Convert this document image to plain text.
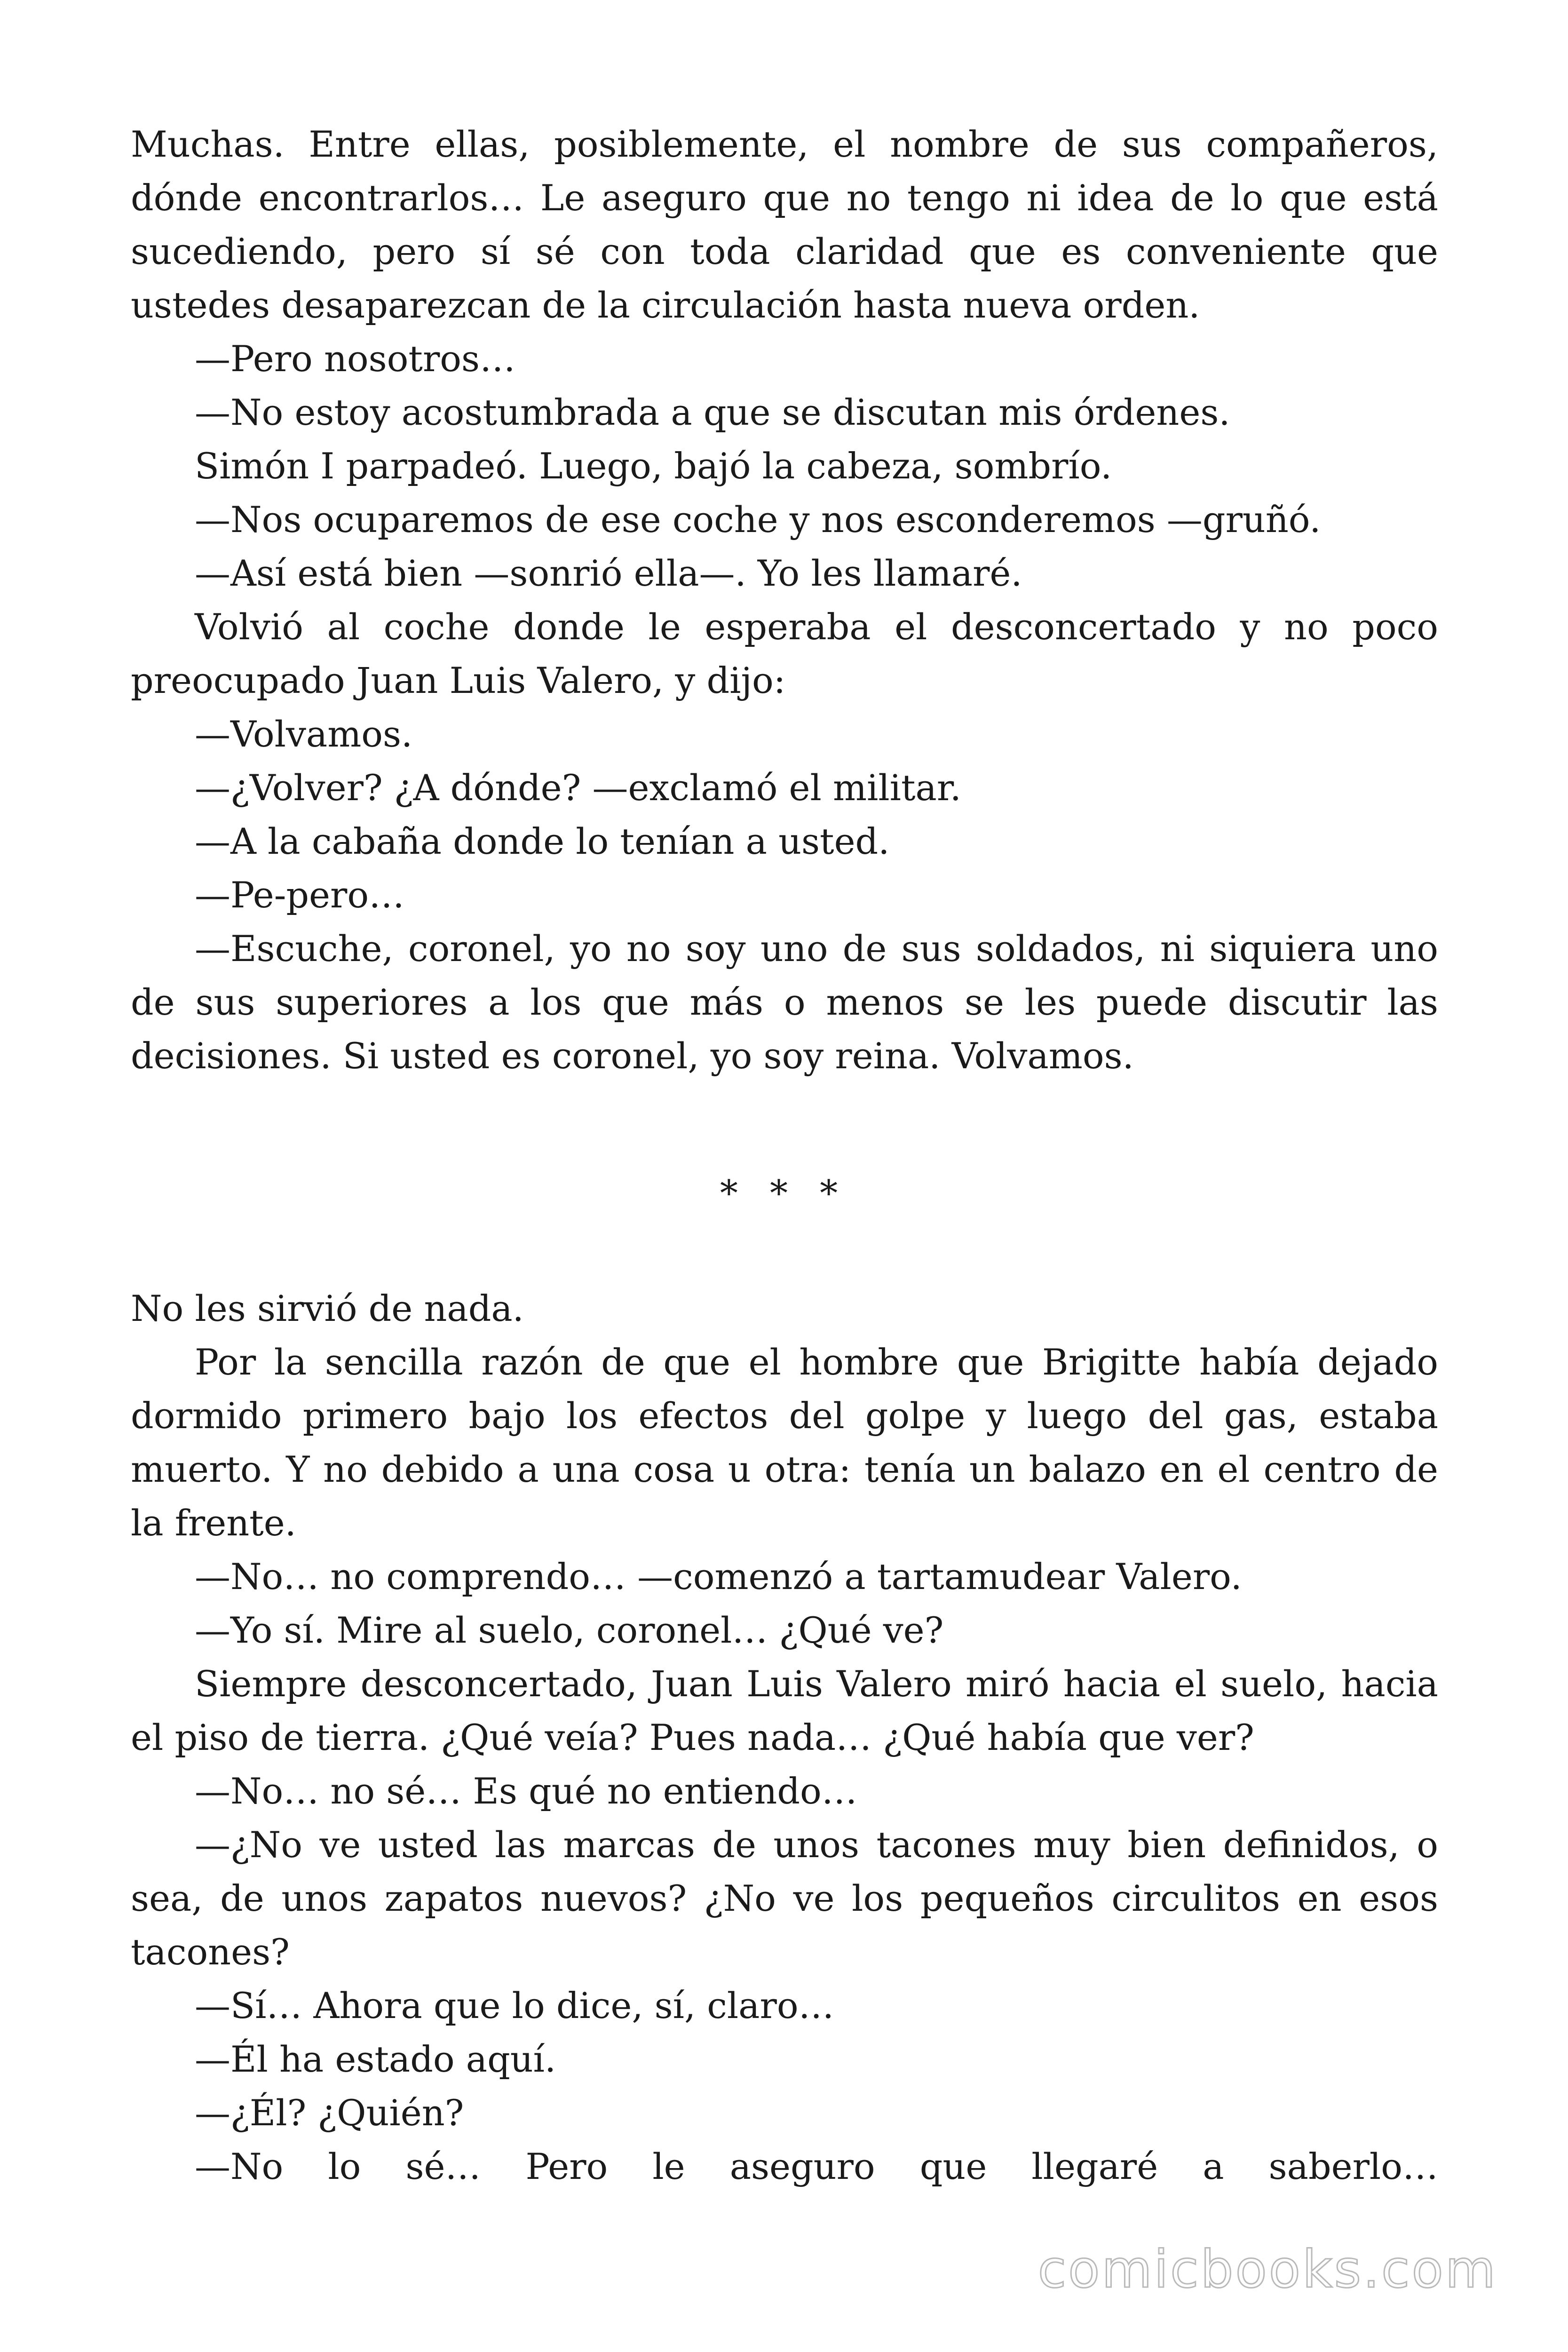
Muchas. Entre ellas, posiblemente, el nombre de sus compañeros, dónde encontrarlos… Le aseguro que no tengo ni idea de lo que está sucediendo, pero sí sé con toda claridad que es conveniente que ustedes desaparezcan de la circulación hasta nueva orden.

—Pero nosotros…

—No estoy acostumbrada a que se discutan mis órdenes.

Simón I parpadeó. Luego, bajó la cabeza, sombrío.

—Nos ocuparemos de ese coche y nos esconderemos —gruñó.

—Así está bien —sonrió ella—. Yo les llamaré.

Volvió al coche donde le esperaba el desconcertado y no poco preocupado Juan Luis Valero, y dijo:

—Volvamos.

—¿Volver? ¿A dónde? —exclamó el militar.

—A la cabaña donde lo tenían a usted.

—Pe-pero…

—Escuche, coronel, yo no soy uno de sus soldados, ni siquiera uno de sus superiores a los que más o menos se les puede discutir las decisiones. Si usted es coronel, yo soy reina. Volvamos.

* * *

No les sirvió de nada.

Por la sencilla razón de que el hombre que Brigitte había dejado dormido primero bajo los efectos del golpe y luego del gas, estaba muerto. Y no debido a una cosa u otra: tenía un balazo en el centro de la frente.

—No… no comprendo… —comenzó a tartamudear Valero.

—Yo sí. Mire al suelo, coronel… ¿Qué ve?

Siempre desconcertado, Juan Luis Valero miró hacia el suelo, hacia el piso de tierra. ¿Qué veía? Pues nada… ¿Qué había que ver?

—No… no sé… Es qué no entiendo…

—¿No ve usted las marcas de unos tacones muy bien definidos, o sea, de unos zapatos nuevos? ¿No ve los pequeños circulitos en esos tacones?

—Sí… Ahora que lo dice, sí, claro…

—Él ha estado aquí.

—¿Él? ¿Quién?

—No lo sé… Pero le aseguro que llegaré a saberlo…

comicbooks.com
